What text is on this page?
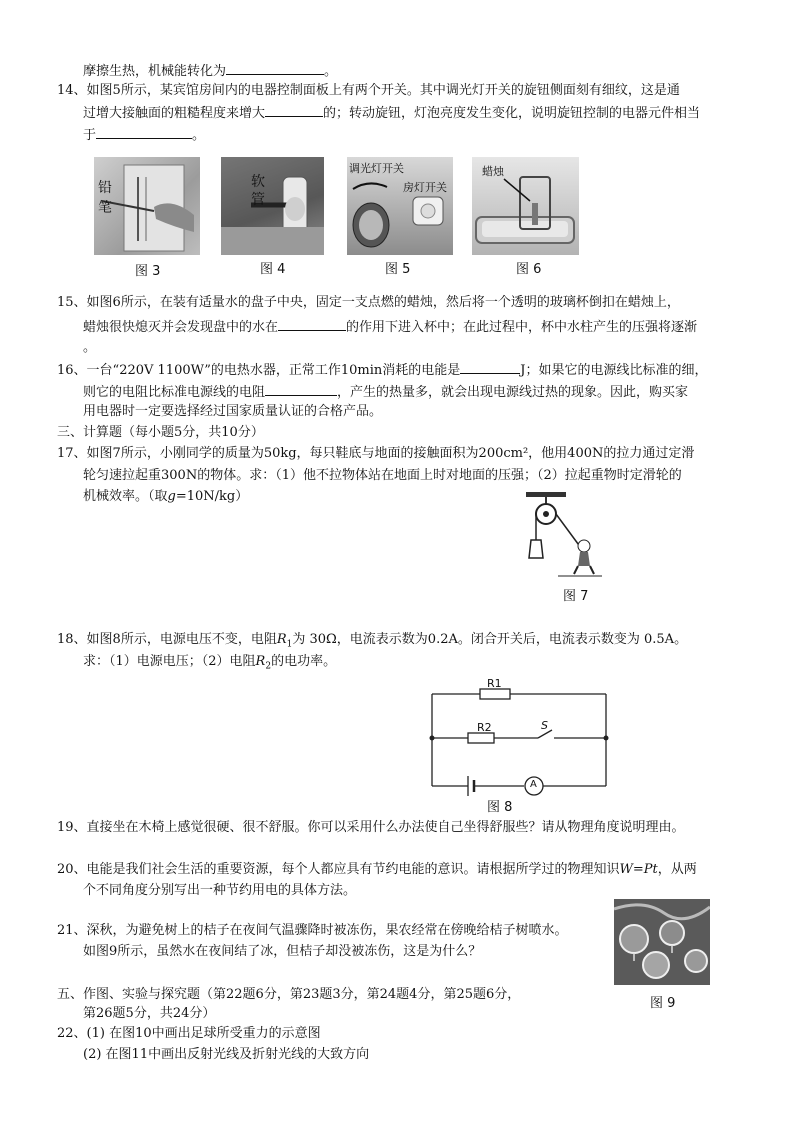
摩擦生热，机械能转化为	。
14、如图5所示，某宾馆房间内的电器控制面板上有两个开关。其中调光灯开关的旋钮侧面刻有细纹，这是通
过增大接触面的粗糙程度来增大	的；转动旋钮，灯泡亮度发生变化，说明旋钮控制的电器元件相当
于	。
铅
笔
图 3
软
管
图 4
调光灯开关
房灯开关
图 5
蜡烛
图 6
15、如图6所示，在装有适量水的盘子中央，固定一支点燃的蜡烛，然后将一个透明的玻璃杯倒扣在蜡烛上，
蜡烛很快熄灭并会发现盘中的水在	的作用下进入杯中；在此过程中，杯中水柱产生的压强将逐渐
。
16、一台“220V 1100W”的电热水器，正常工作10min消耗的电能是	J；如果它的电源线比标准的细，
则它的电阻比标准电源线的电阻	，产生的热量多，就会出现电源线过热的现象。因此，购买家
用电器时一定要选择经过国家质量认证的合格产品。
三、计算题（每小题5分，共10分）
17、如图7所示，小刚同学的质量为50kg，每只鞋底与地面的接触面积为200cm²，他用400N的拉力通过定滑
轮匀速拉起重300N的物体。求：（1）他不拉物体站在地面上时对地面的压强；（2）拉起重物时定滑轮的
机械效率。（取g=10N/kg）
图 7
18、如图8所示，电源电压不变，电阻$R_1$为 30Ω，电流表示数为0.2A。闭合开关后，电流表示数变为 0.5A。
求：（1）电源电压；（2）电阻$R_2$的电功率。
R1
R2	S
A
图 8
19、直接坐在木椅上感觉很硬、很不舒服。你可以采用什么办法使自己坐得舒服些？请从物理角度说明理由。
20、电能是我们社会生活的重要资源，每个人都应具有节约电能的意识。请根据所学过的物理知识W=Pt，从两
个不同角度分别写出一种节约用电的具体方法。
21、深秋，为避免树上的桔子在夜间气温骤降时被冻伤，果农经常在傍晚给桔子树喷水。
如图9所示，虽然水在夜间结了冰，但桔子却没被冻伤，这是为什么？
图 9
五、作图、实验与探究题（第22题6分，第23题3分，第24题4分，第25题6分，
第26题5分，共24分）
22、(1) 在图10中画出足球所受重力的示意图
(2) 在图11中画出反射光线及折射光线的大致方向
